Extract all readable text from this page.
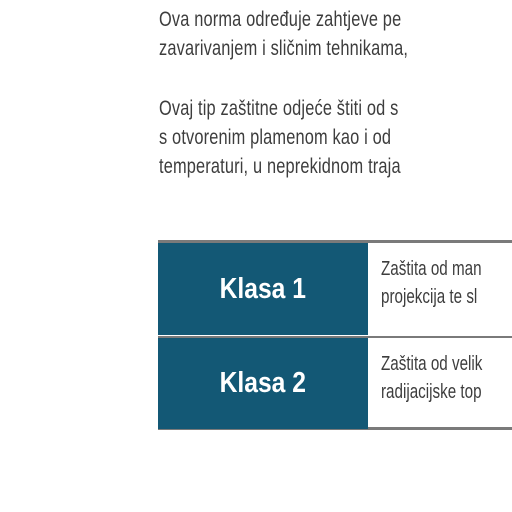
Ova norma određuje zahtjeve pe
zavarivanjem i sličnim tehnikama,

Ovaj tip zaštitne odjeće štiti od s
s otvorenim plamenom kao i od
temperaturi, u neprekidnom traja

Klasa 1

Zaštita od man
projekcija te sl

Klasa 2

Zaštita od velik
radijacijske top
